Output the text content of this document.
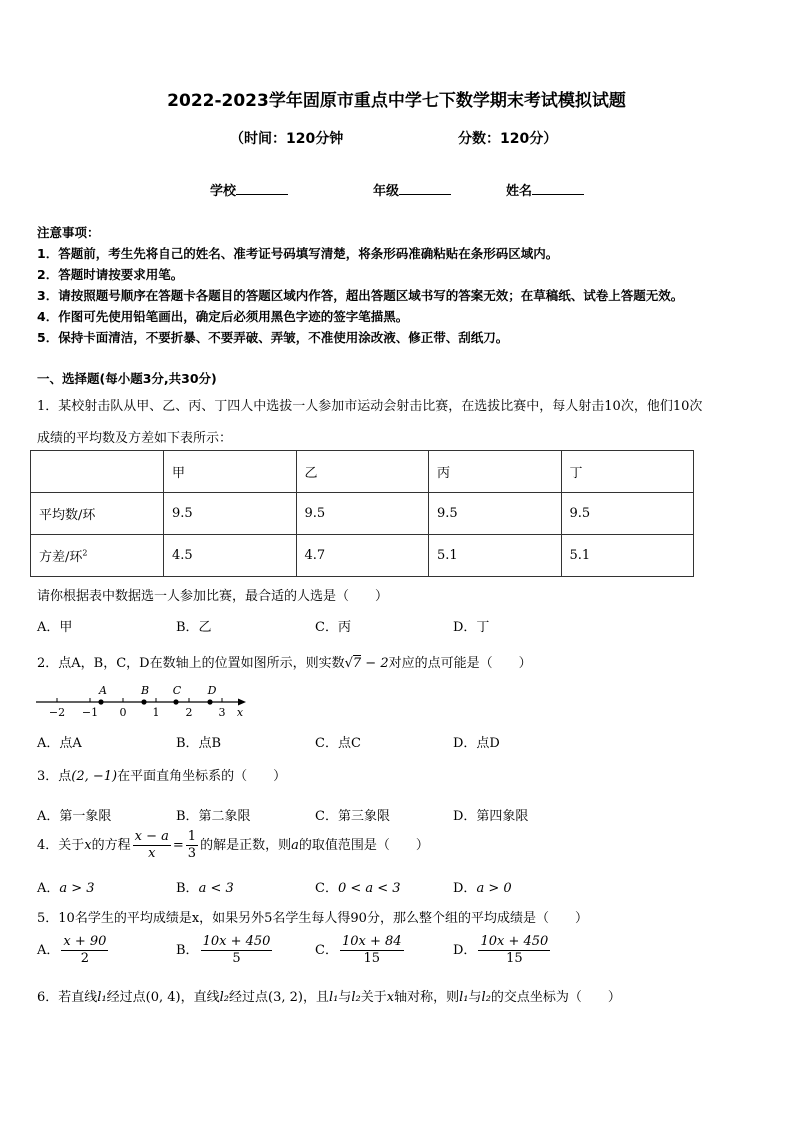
2022-2023学年固原市重点中学七下数学期末考试模拟试题
（时间：120分钟	分数：120分）
学校	年级	姓名
注意事项：
1．答题前，考生先将自己的姓名、准考证号码填写清楚，将条形码准确粘贴在条形码区域内。
2．答题时请按要求用笔。
3．请按照题号顺序在答题卡各题目的答题区域内作答，超出答题区域书写的答案无效；在草稿纸、试卷上答题无效。
4．作图可先使用铅笔画出，确定后必须用黑色字迹的签字笔描黑。
5．保持卡面清洁，不要折暴、不要弄破、弄皱，不准使用涂改液、修正带、刮纸刀。
一、选择题(每小题3分,共30分)
1．某校射击队从甲、乙、丙、丁四人中选拔一人参加市运动会射击比赛，在选拔比赛中，每人射击10次，他们10次
成绩的平均数及方差如下表所示：
	甲	乙	丙	丁
平均数/环	9.5	9.5	9.5	9.5
方差/环$^2$	4.5	4.7	5.1	5.1
请你根据表中数据选一人参加比赛，最合适的人选是（　　）
A．甲	B．乙	C．丙	D．丁
2．点A，B，C，D在数轴上的位置如图所示，则实数√7 − 2对应的点可能是（　　）
−2 −1 0 1 2 3 x
A	B C D
A．点A	B．点B	C．点C	D．点D
3．点(2, −1)在平面直角坐标系的（　　）
A．第一象限	B．第二象限	C．第三象限	D．第四象限
4．关于x的方程 $\frac{x - a}{x} = \frac{1}{3}$ 的解是正数，则a的取值范围是（　　）
A．a > 3	B．a < 3	C．0 < a < 3	D．a > 0
5．10名学生的平均成绩是x，如果另外5名学生每人得90分，那么整个组的平均成绩是（　　）
A． $\frac{x + 90}{2}$	B． $\frac{10x + 450}{5}$	C． $\frac{10x + 84}{15}$	D． $\frac{10x + 450}{15}$
6．若直线l₁经过点(0, 4)，直线l₂经过点(3, 2)，且l₁与l₂关于x轴对称，则l₁与l₂的交点坐标为（　　）
